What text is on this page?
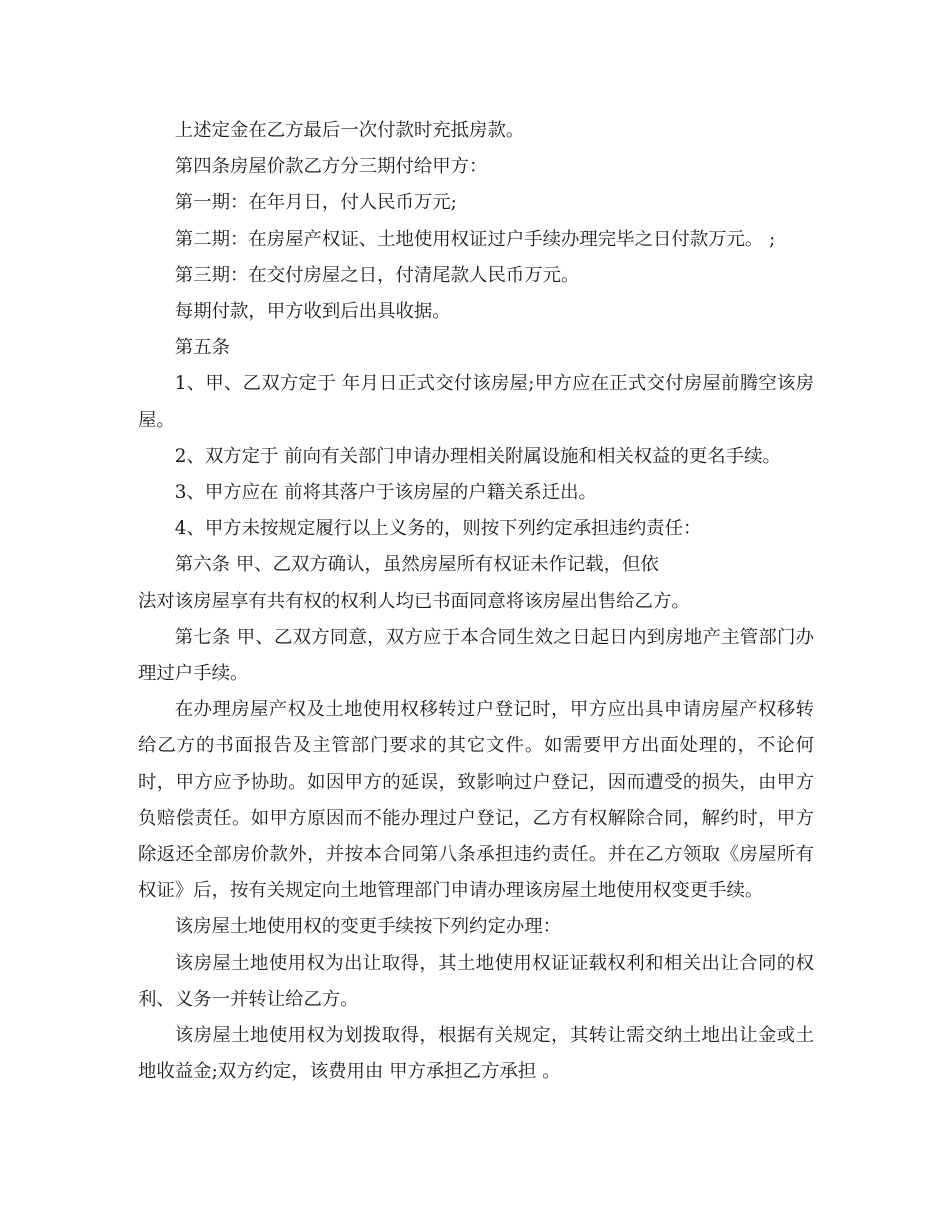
上述定金在乙方最后一次付款时充抵房款。

第四条房屋价款乙方分三期付给甲方：

第一期：在年月日，付人民币万元;

第二期：在房屋产权证、土地使用权证过户手续办理完毕之日付款万元。 ;

第三期：在交付房屋之日，付清尾款人民币万元。

每期付款，甲方收到后出具收据。

第五条

1、甲、乙双方定于 年月日正式交付该房屋;甲方应在正式交付房屋前腾空该房屋。

2、双方定于 前向有关部门申请办理相关附属设施和相关权益的更名手续。

3、甲方应在 前将其落户于该房屋的户籍关系迁出。

4、甲方未按规定履行以上义务的，则按下列约定承担违约责任：

第六条 甲、乙双方确认，虽然房屋所有权证未作记载，但依

法对该房屋享有共有权的权利人均已书面同意将该房屋出售给乙方。

第七条 甲、乙双方同意，双方应于本合同生效之日起日内到房地产主管部门办理过户手续。

在办理房屋产权及土地使用权移转过户登记时，甲方应出具申请房屋产权移转给乙方的书面报告及主管部门要求的其它文件。如需要甲方出面处理的，不论何时，甲方应予协助。如因甲方的延误，致影响过户登记，因而遭受的损失，由甲方负赔偿责任。如甲方原因而不能办理过户登记，乙方有权解除合同，解约时，甲方除返还全部房价款外，并按本合同第八条承担违约责任。并在乙方领取《房屋所有权证》后，按有关规定向土地管理部门申请办理该房屋土地使用权变更手续。

该房屋土地使用权的变更手续按下列约定办理：

该房屋土地使用权为出让取得，其土地使用权证证载权利和相关出让合同的权利、义务一并转让给乙方。

该房屋土地使用权为划拨取得，根据有关规定，其转让需交纳土地出让金或土地收益金;双方约定，该费用由 甲方承担乙方承担 。
